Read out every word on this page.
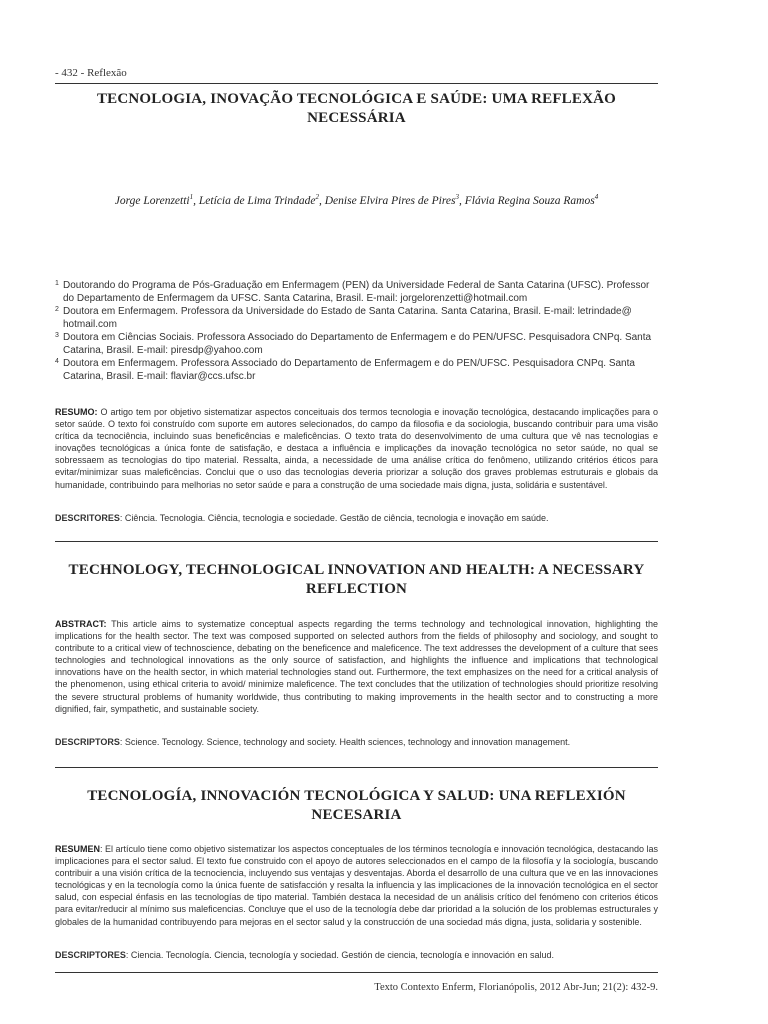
- 432 - Reflexão
TECNOLOGIA, INOVAÇÃO TECNOLÓGICA E SAÚDE: UMA REFLEXÃO NECESSÁRIA
Jorge Lorenzetti$^1$, Letícia de Lima Trindade$^2$, Denise Elvira Pires de Pires$^3$, Flávia Regina Souza Ramos$^4$

1 Doutorando do Programa de Pós-Graduação em Enfermagem (PEN) da Universidade Federal de Santa Catarina (UFSC). Professor do Departamento de Enfermagem da UFSC. Santa Catarina, Brasil. E-mail: jorgelorenzetti@hotmail.com

2 Doutora em Enfermagem. Professora da Universidade do Estado de Santa Catarina. Santa Catarina, Brasil. E-mail: letrindade@ hotmail.com

3 Doutora em Ciências Sociais. Professora Associado do Departamento de Enfermagem e do PEN/UFSC. Pesquisadora CNPq. Santa Catarina, Brasil. E-mail: piresdp@yahoo.com

4 Doutora em Enfermagem. Professora Associado do Departamento de Enfermagem e do PEN/UFSC. Pesquisadora CNPq. Santa Catarina, Brasil. E-mail: flaviar@ccs.ufsc.br

RESUMO: O artigo tem por objetivo sistematizar aspectos conceituais dos termos tecnologia e inovação tecnológica, destacando implicações para o setor saúde. O texto foi construído com suporte em autores selecionados, do campo da filosofia e da sociologia, buscando contribuir para uma visão crítica da tecnociência, incluindo suas beneficências e maleficências. O texto trata do desenvolvimento de uma cultura que vê nas tecnologias e inovações tecnológicas a única fonte de satisfação, e destaca a influência e implicações da inovação tecnológica no setor saúde, no qual se sobressaem as tecnologias do tipo material. Ressalta, ainda, a necessidade de uma análise crítica do fenômeno, utilizando critérios éticos para evitar/minimizar suas maleficências. Conclui que o uso das tecnologias deveria priorizar a solução dos graves problemas estruturais e globais da humanidade, contribuindo para melhorias no setor saúde e para a construção de uma sociedade mais digna, justa, solidária e sustentável.
DESCRITORES: Ciência. Tecnologia. Ciência, tecnologia e sociedade. Gestão de ciência, tecnologia e inovação em saúde.
TECHNOLOGY, TECHNOLOGICAL INNOVATION AND HEALTH: A NECESSARY REFLECTION
ABSTRACT: This article aims to systematize conceptual aspects regarding the terms technology and technological innovation, highlighting the implications for the health sector. The text was composed supported on selected authors from the fields of philosophy and sociology, and sought to contribute to a critical view of technoscience, debating on the beneficence and maleficence. The text addresses the development of a culture that sees technologies and technological innovations as the only source of satisfaction, and highlights the influence and implications that technological innovations have on the health sector, in which material technologies stand out. Furthermore, the text emphasizes on the need for a critical analysis of the phenomenon, using ethical criteria to avoid/ minimize maleficence. The text concludes that the utilization of technologies should prioritize resolving the severe structural problems of humanity worldwide, thus contributing to making improvements in the health sector and to constructing a more dignified, fair, sympathetic, and sustainable society.
DESCRIPTORS: Science. Tecnology. Science, technology and society. Health sciences, technology and innovation management.
TECNOLOGÍA, INNOVACIÓN TECNOLÓGICA Y SALUD: UNA REFLEXIÓN NECESARIA
RESUMEN: El artículo tiene como objetivo sistematizar los aspectos conceptuales de los términos tecnología e innovación tecnológica, destacando las implicaciones para el sector salud. El texto fue construido con el apoyo de autores seleccionados en el campo de la filosofía y la sociología, buscando contribuir a una visión crítica de la tecnociencia, incluyendo sus ventajas y desventajas. Aborda el desarrollo de una cultura que ve en las innovaciones tecnológicas y en la tecnología como la única fuente de satisfacción y resalta la influencia y las implicaciones de la innovación tecnológica en el sector salud, con especial énfasis en las tecnologías de tipo material. También destaca la necesidad de un análisis crítico del fenómeno con criterios éticos para evitar/reducir al mínimo sus maleficencias. Concluye que el uso de la tecnología debe dar prioridad a la solución de los problemas estructurales y globales de la humanidad contribuyendo para mejoras en el sector salud y la construcción de una sociedad más digna, justa, solidaria y sostenible.
DESCRIPTORES: Ciencia. Tecnología. Ciencia, tecnología y sociedad. Gestión de ciencia, tecnología e innovación en salud.
Texto Contexto Enferm, Florianópolis, 2012 Abr-Jun; 21(2): 432-9.
